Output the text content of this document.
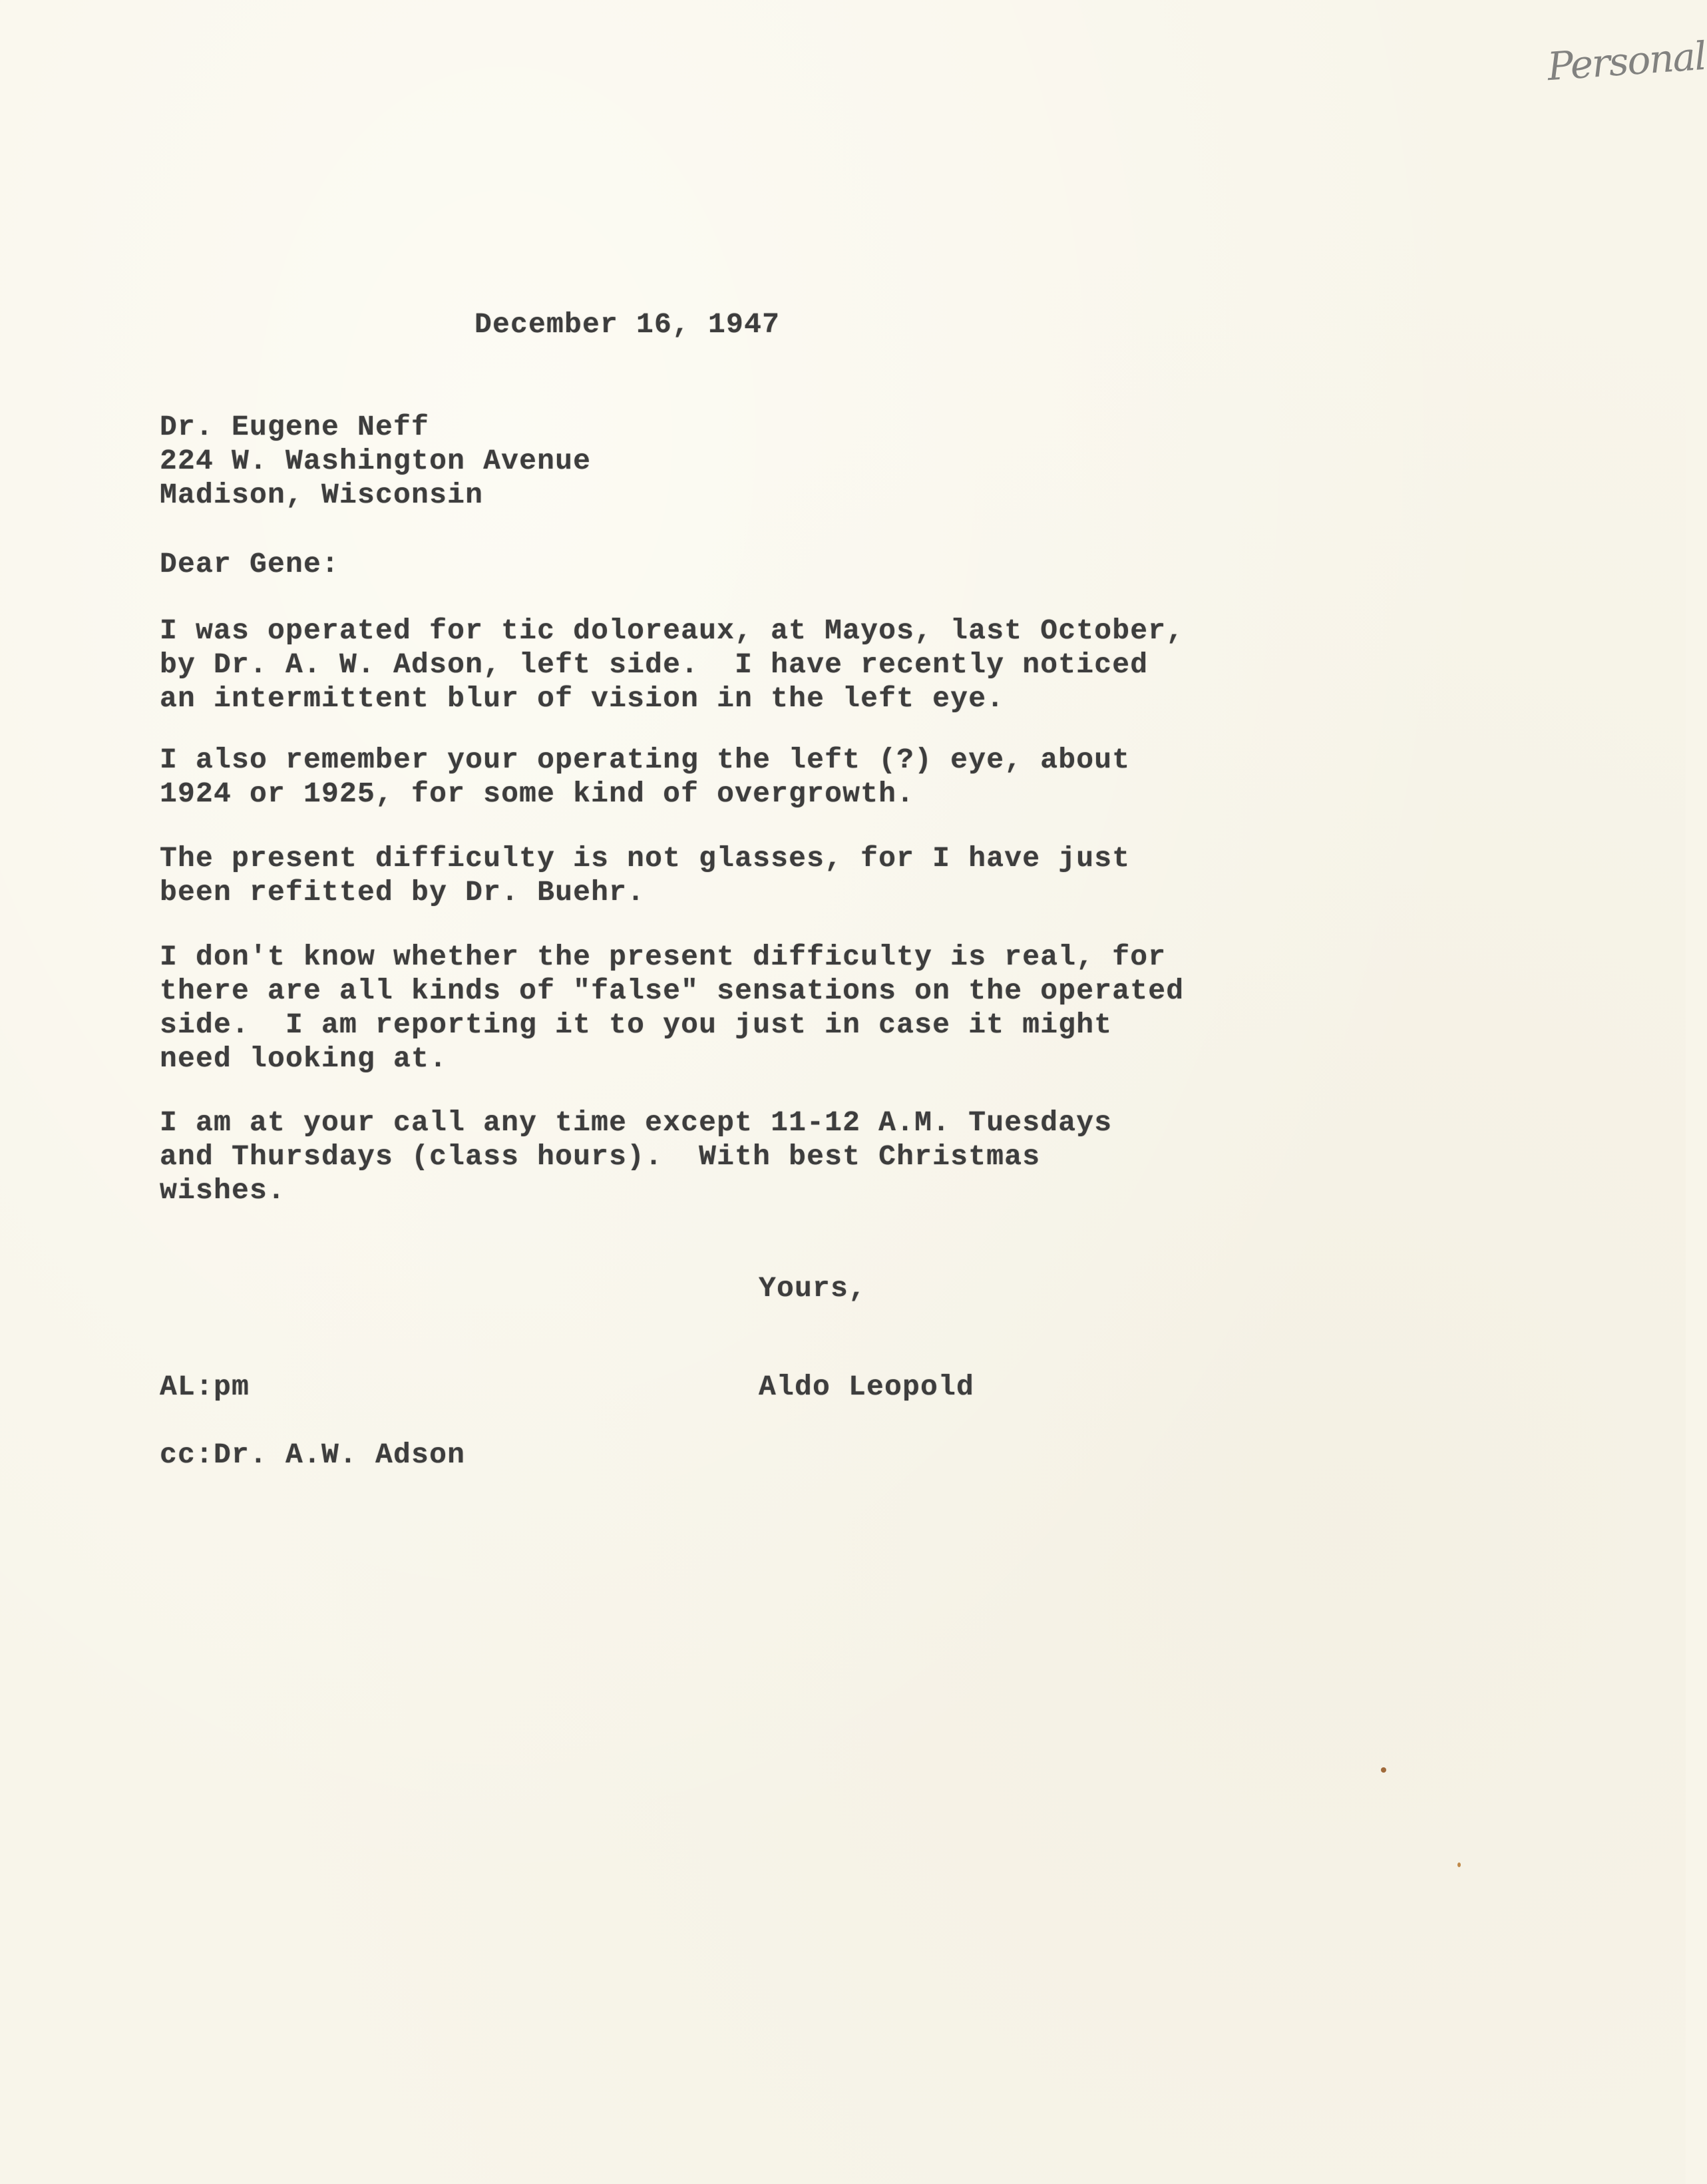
Personal
December 16, 1947
Dr. Eugene Neff
224 W. Washington Avenue
Madison, Wisconsin
Dear Gene:
I was operated for tic doloreaux, at Mayos, last October,
by Dr. A. W. Adson, left side.  I have recently noticed
an intermittent blur of vision in the left eye.
I also remember your operating the left (?) eye, about
1924 or 1925, for some kind of overgrowth.
The present difficulty is not glasses, for I have just
been refitted by Dr. Buehr.
I don't know whether the present difficulty is real, for
there are all kinds of "false" sensations on the operated
side.  I am reporting it to you just in case it might
need looking at.
I am at your call any time except 11-12 A.M. Tuesdays
and Thursdays (class hours).  With best Christmas
wishes.
Yours,
AL:pm	Aldo Leopold
cc:Dr. A.W. Adson
